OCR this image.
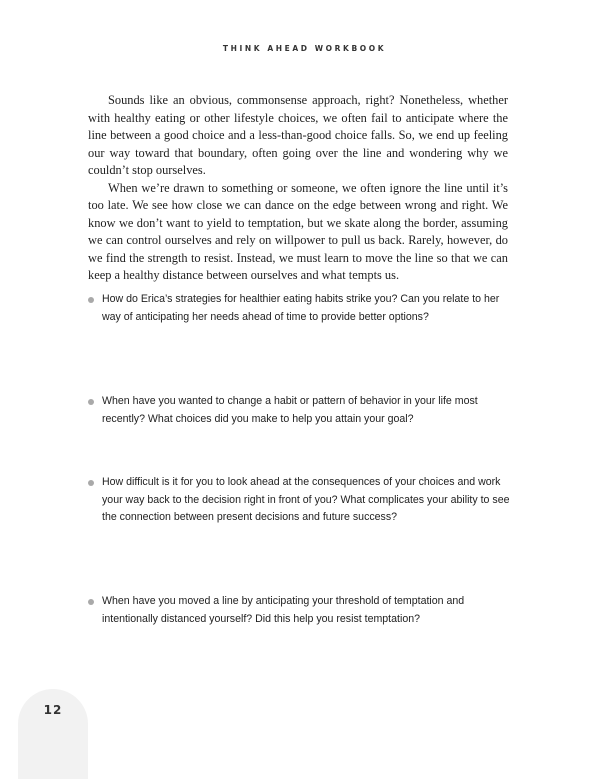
THINK AHEAD WORKBOOK

Sounds like an obvious, commonsense approach, right? Nonetheless, whether with healthy eating or other lifestyle choices, we often fail to anticipate where the line between a good choice and a less-than-good choice falls. So, we end up feeling our way toward that boundary, often going over the line and wondering why we couldn’t stop ourselves.

When we’re drawn to something or someone, we often ignore the line until it’s too late. We see how close we can dance on the edge between wrong and right. We know we don’t want to yield to temptation, but we skate along the border, assuming we can control ourselves and rely on willpower to pull us back. Rarely, however, do we find the strength to resist. Instead, we must learn to move the line so that we can keep a healthy distance between ourselves and what tempts us.

How do Erica’s strategies for healthier eating habits strike you? Can you relate to her way of anticipating her needs ahead of time to provide better options?
When have you wanted to change a habit or pattern of behavior in your life most recently? What choices did you make to help you attain your goal?
How difficult is it for you to look ahead at the consequences of your choices and work your way back to the decision right in front of you? What complicates your ability to see the connection between present decisions and future success?
When have you moved a line by anticipating your threshold of temptation and intentionally distanced yourself? Did this help you resist temptation?
12
